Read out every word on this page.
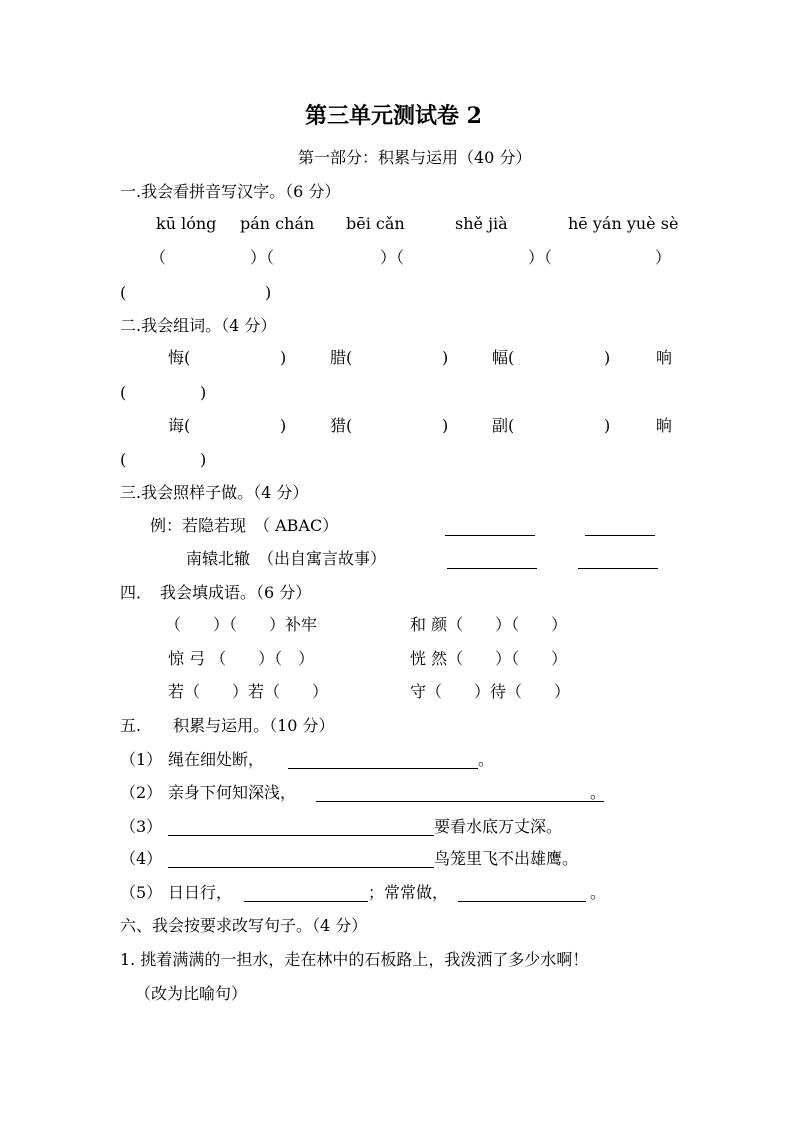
第三单元测试卷 2
第一部分：积累与运用（40 分）
一.我会看拼音写汉字。（6 分）
kū lóng pán chán bēi cǎn	shě jià	hē yán yuè sè
（	）（	）（	）（	）
(	)
二.我会组词。（4 分）
悔(	)	腊(	)	幅(	)	响
(	)
诲(	)	猎(	)	副(	)	晌
(	)
三.我会照样子做。（4 分）
例：若隐若现　（ ABAC）
南辕北辙　（出自寓言故事）
四．　我会填成语。（6 分）
（　　）（　　）补牢	和 颜（　　）（　　）
惊 弓 （　　）（　）	恍 然（　　）（　　）
若（　　）若（　　）	守（　　）待（　　）
五.　　积累与运用。（10 分）
（1） 绳在细处断，	。
（2） 亲身下何知深浅，	。
（3）	要看水底万丈深。
（4）	鸟笼里飞不出雄鹰。
（5） 日日行，	；常常做，	。
六、我会按要求改写句子。（4 分）
1. 挑着满满的一担水，走在林中的石板路上，我泼洒了多少水啊！
（改为比喻句）
